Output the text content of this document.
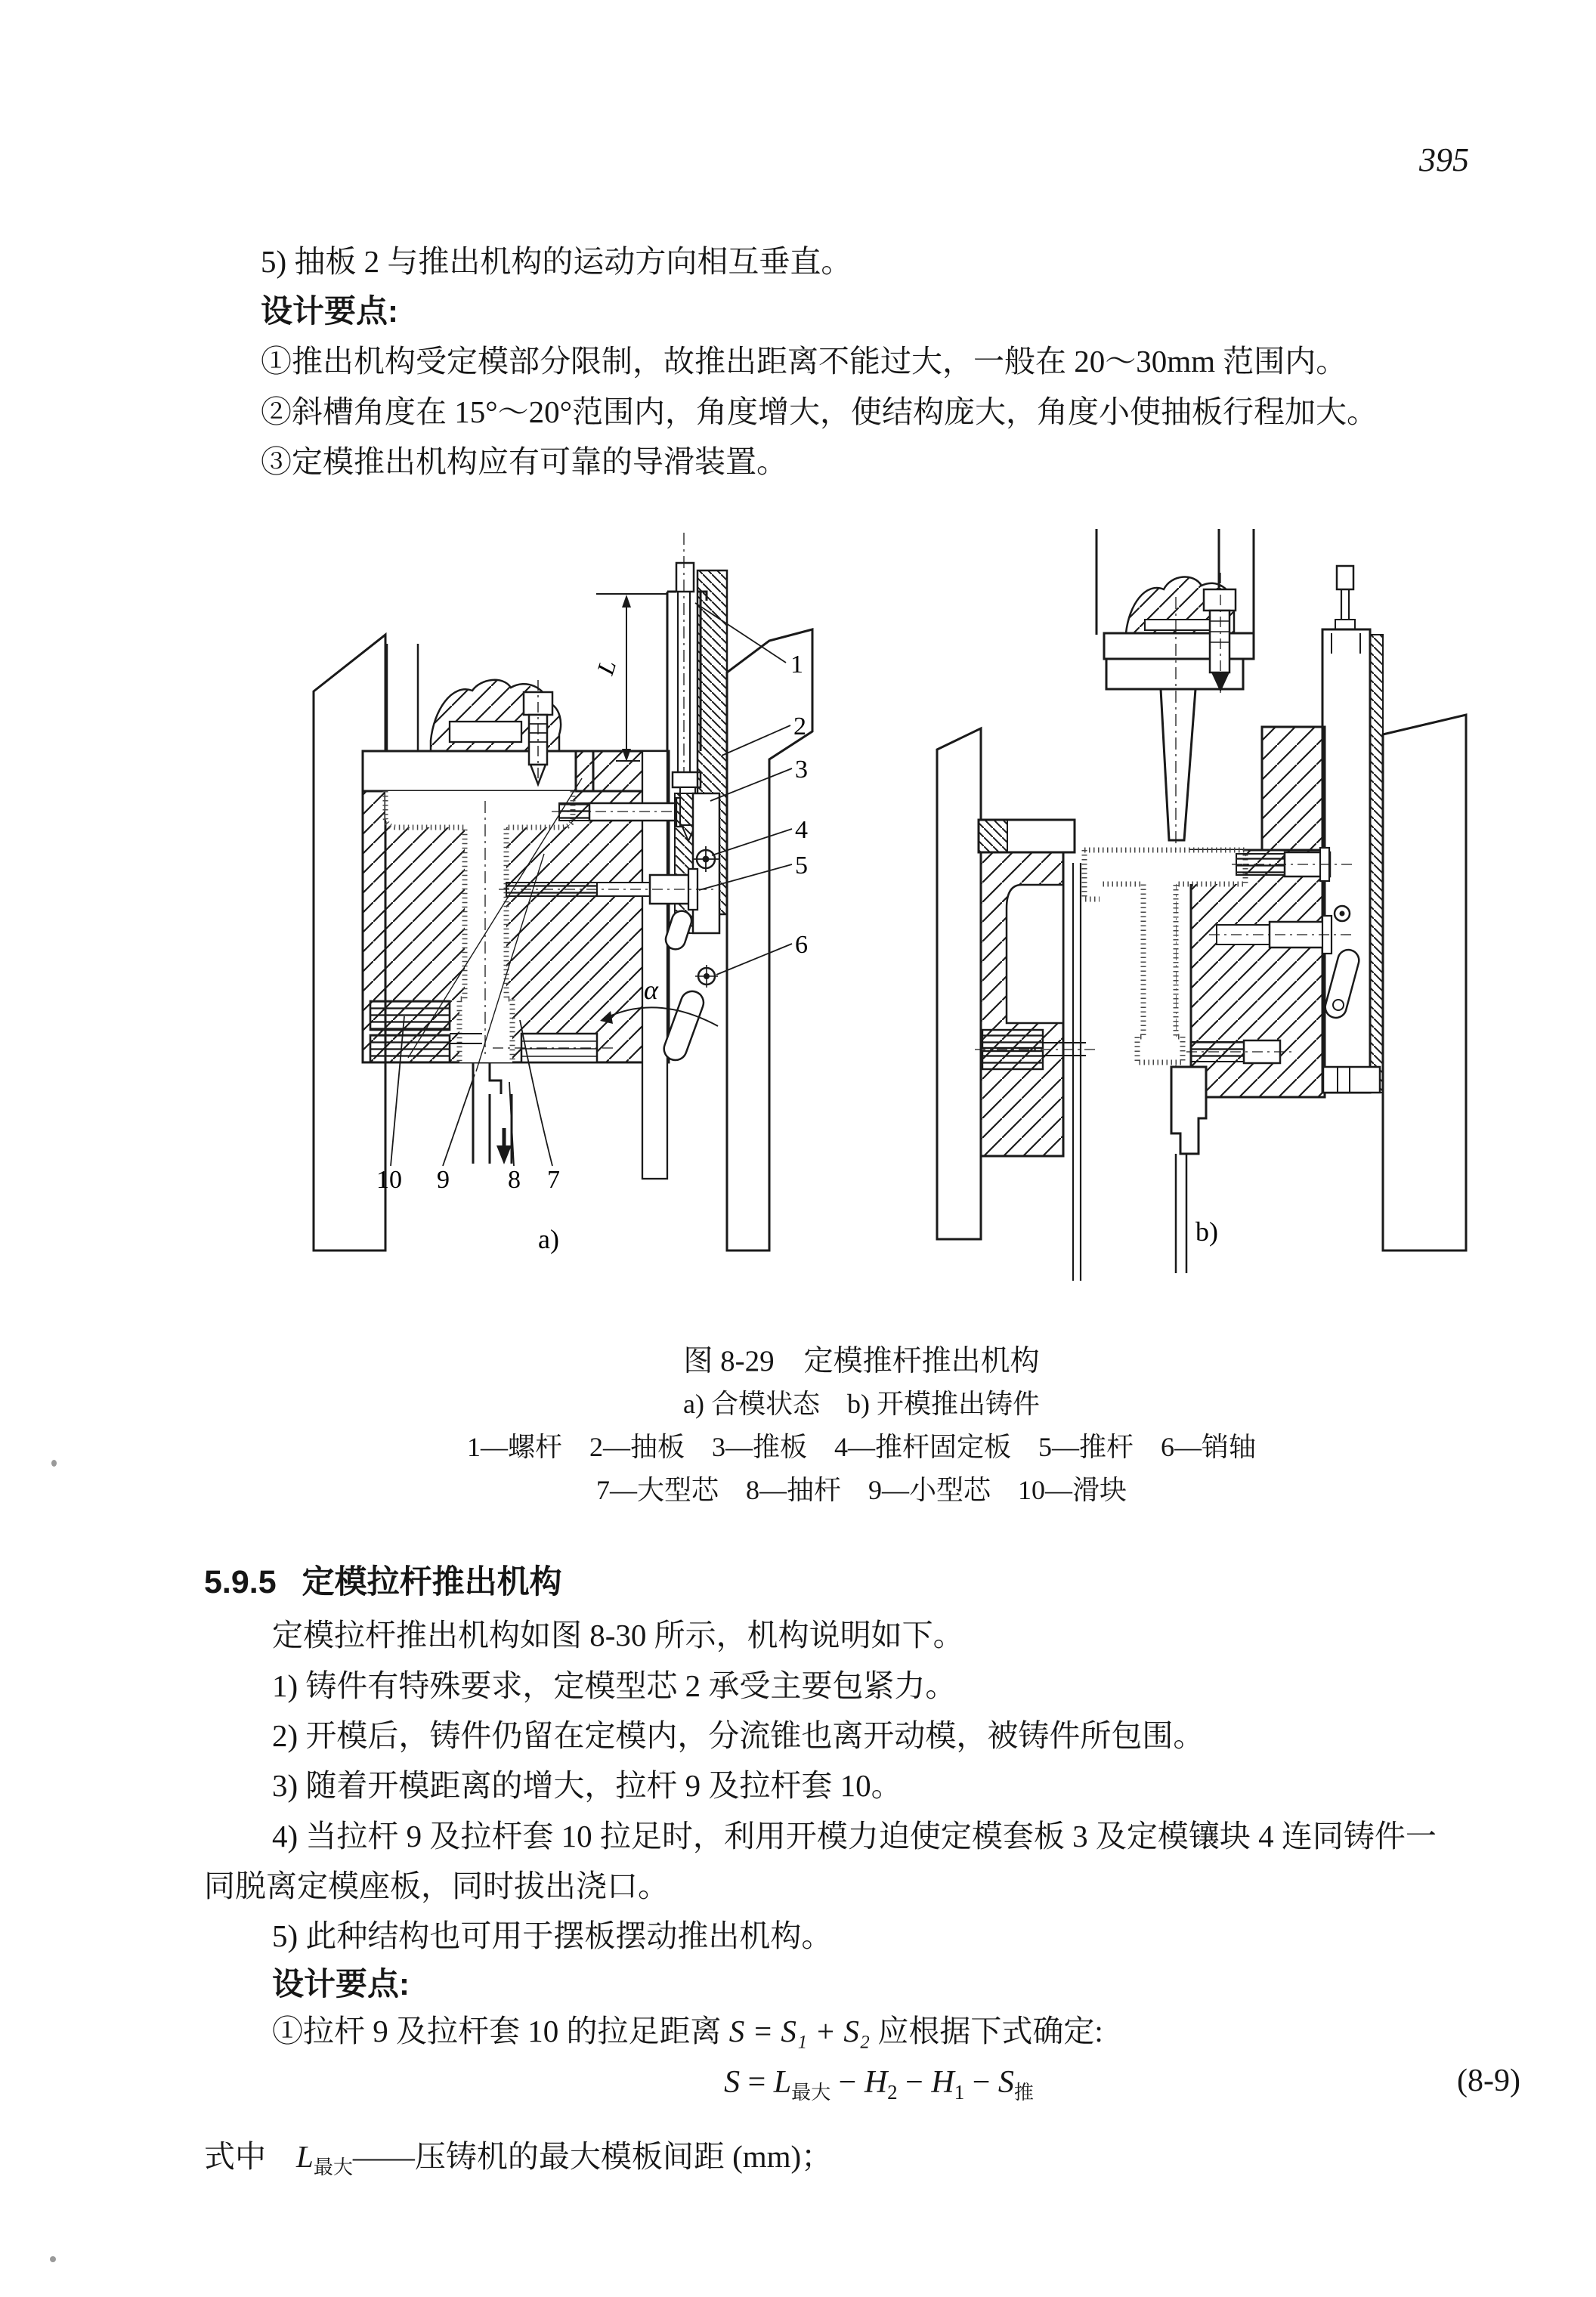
395
5) 抽板 2 与推出机构的运动方向相互垂直。
设计要点:
①推出机构受定模部分限制，故推出距离不能过大，一般在 20～30mm 范围内。
②斜槽角度在 15°～20°范围内，角度增大，使结构庞大，角度小使抽板行程加大。
③定模推出机构应有可靠的导滑装置。
L
α
1
2
3
4
5
6
10 9 8 7
a)	b)
图 8-29　定模推杆推出机构
a) 合模状态　b) 开模推出铸件
1—螺杆　2—抽板　3—推板　4—推杆固定板　5—推杆　6—销轴
7—大型芯　8—抽杆　9—小型芯　10—滑块
5.9.5 定模拉杆推出机构
定模拉杆推出机构如图 8-30 所示，机构说明如下。
1) 铸件有特殊要求，定模型芯 2 承受主要包紧力。
2) 开模后，铸件仍留在定模内，分流锥也离开动模，被铸件所包围。
3) 随着开模距离的增大，拉杆 9 及拉杆套 10。
4) 当拉杆 9 及拉杆套 10 拉足时，利用开模力迫使定模套板 3 及定模镶块 4 连同铸件一
同脱离定模座板，同时拔出浇口。
5) 此种结构也可用于摆板摆动推出机构。
设计要点:
①拉杆 9 及拉杆套 10 的拉足距离 S = S₁ + S₂ 应根据下式确定:
$S = L_{最大} - H_2 - H_1 - S_推$	(8-9)
式中 $L_{最大}——$压铸机的最大模板间距 (mm)；
